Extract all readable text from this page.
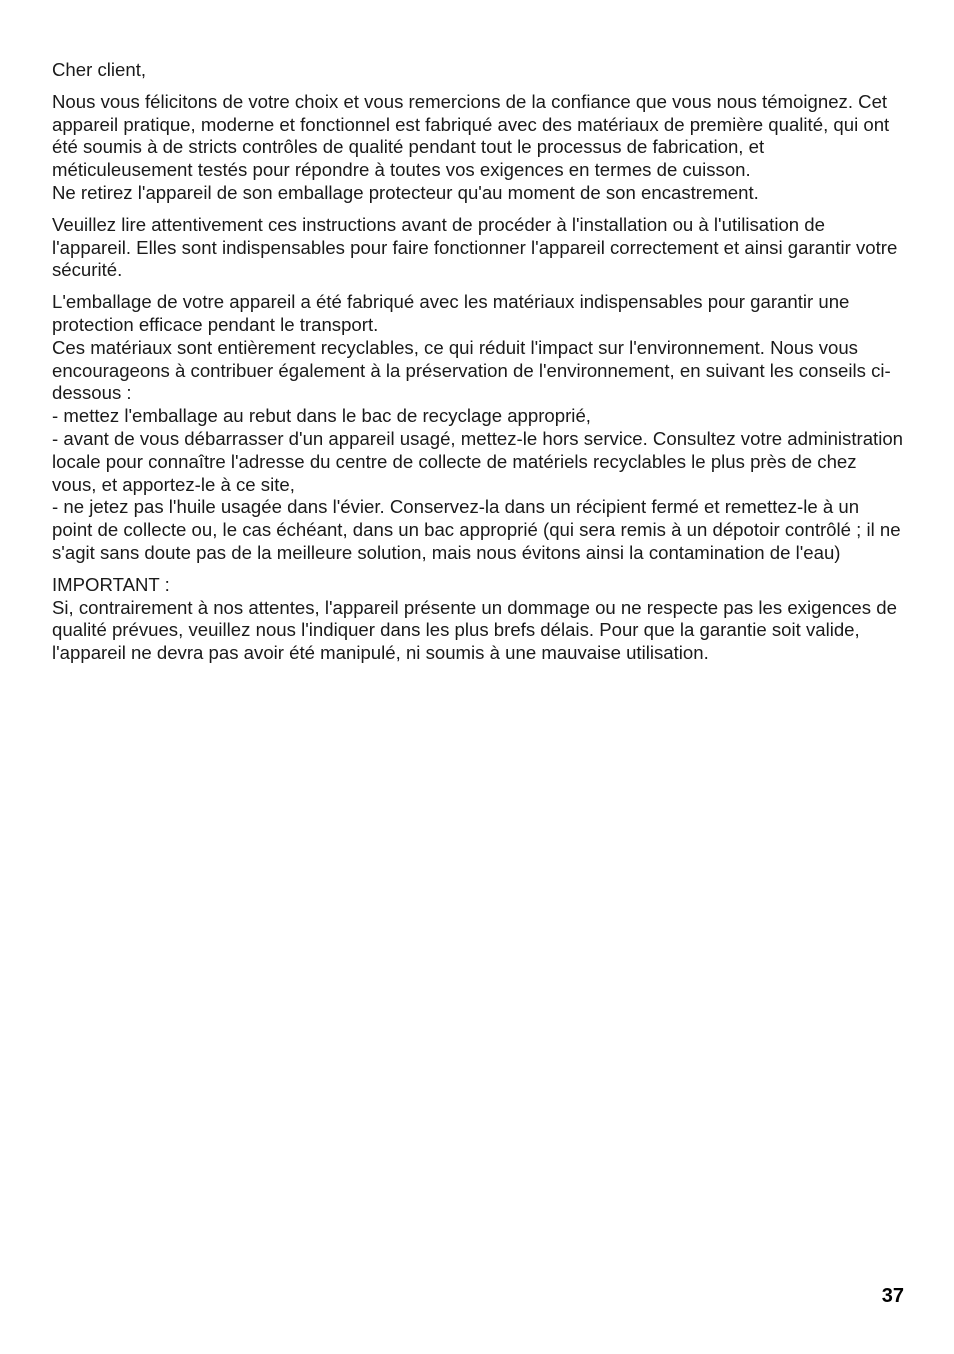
Cher client,

Nous vous félicitons de votre choix et vous remercions de la confiance que vous nous témoignez. Cet appareil pratique, moderne et fonctionnel est fabriqué avec des matériaux de première qualité, qui ont été soumis à de stricts contrôles de qualité pendant tout le processus de fabrication, et méticuleusement testés pour répondre à toutes vos exigences en termes de cuisson.
Ne retirez l'appareil de son emballage protecteur qu'au moment de son encastrement.

Veuillez lire attentivement ces instructions avant de procéder à l'installation ou à l'utilisation de l'appareil. Elles sont indispensables pour faire fonctionner l'appareil correctement et ainsi garantir votre sécurité.

L'emballage de votre appareil a été fabriqué avec les matériaux indispensables pour garantir une protection efficace pendant le transport.
Ces matériaux sont entièrement recyclables, ce qui réduit l'impact sur l'environnement. Nous vous encourageons à contribuer également à la préservation de l'environnement, en suivant les conseils ci-dessous :
- mettez l'emballage au rebut dans le bac de recyclage approprié,
- avant de vous débarrasser d'un appareil usagé, mettez-le hors service. Consultez votre administration locale pour connaître l'adresse du centre de collecte de matériels recyclables le plus près de chez vous, et apportez-le à ce site,
- ne jetez pas l'huile usagée dans l'évier. Conservez-la dans un récipient fermé et remettez-le à un point de collecte ou, le cas échéant, dans un bac approprié (qui sera remis à un dépotoir contrôlé ; il ne s'agit sans doute pas de la meilleure solution, mais nous évitons ainsi la contamination de l'eau)

IMPORTANT :
Si, contrairement à nos attentes, l'appareil présente un dommage ou ne respecte pas les exigences de qualité prévues, veuillez nous l'indiquer dans les plus brefs délais. Pour que la garantie soit valide, l'appareil ne devra pas avoir été manipulé, ni soumis à une mauvaise utilisation.

37
